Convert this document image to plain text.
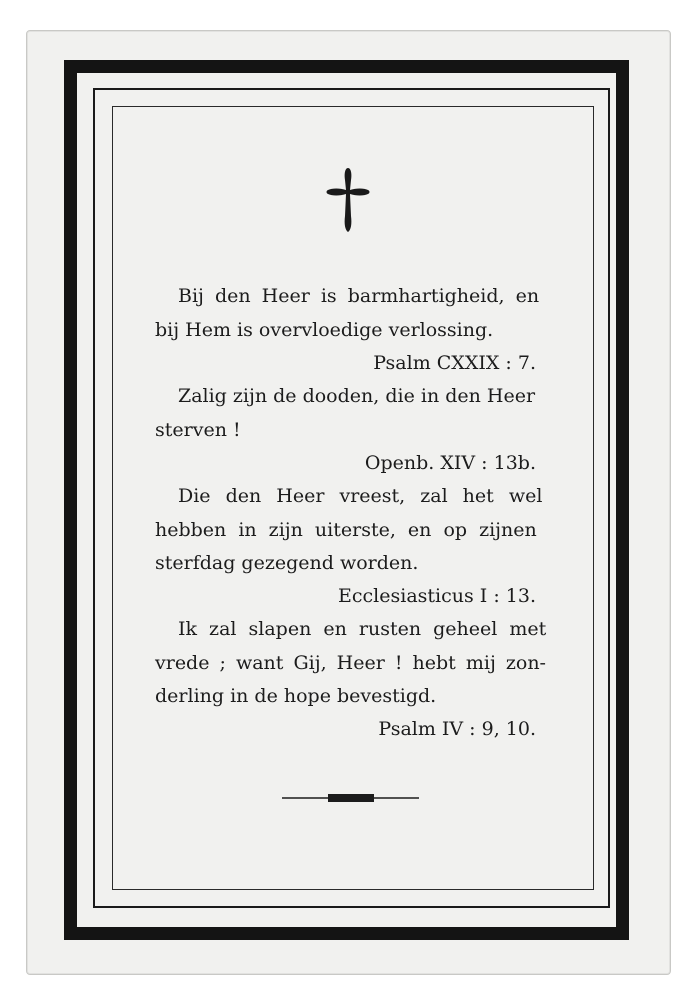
Bij den Heer is barmhartigheid, en
bij Hem is overvloedige verlossing.
Psalm CXXIX : 7.
Zalig zijn de dooden, die in den Heer
sterven !
Openb. XIV : 13b.
Die den Heer vreest, zal het wel
hebben in zijn uiterste, en op zijnen
sterfdag gezegend worden.
Ecclesiasticus I : 13.
Ik zal slapen en rusten geheel met
vrede ; want Gij, Heer ! hebt mij zon-
derling in de hope bevestigd.
Psalm IV : 9, 10.
